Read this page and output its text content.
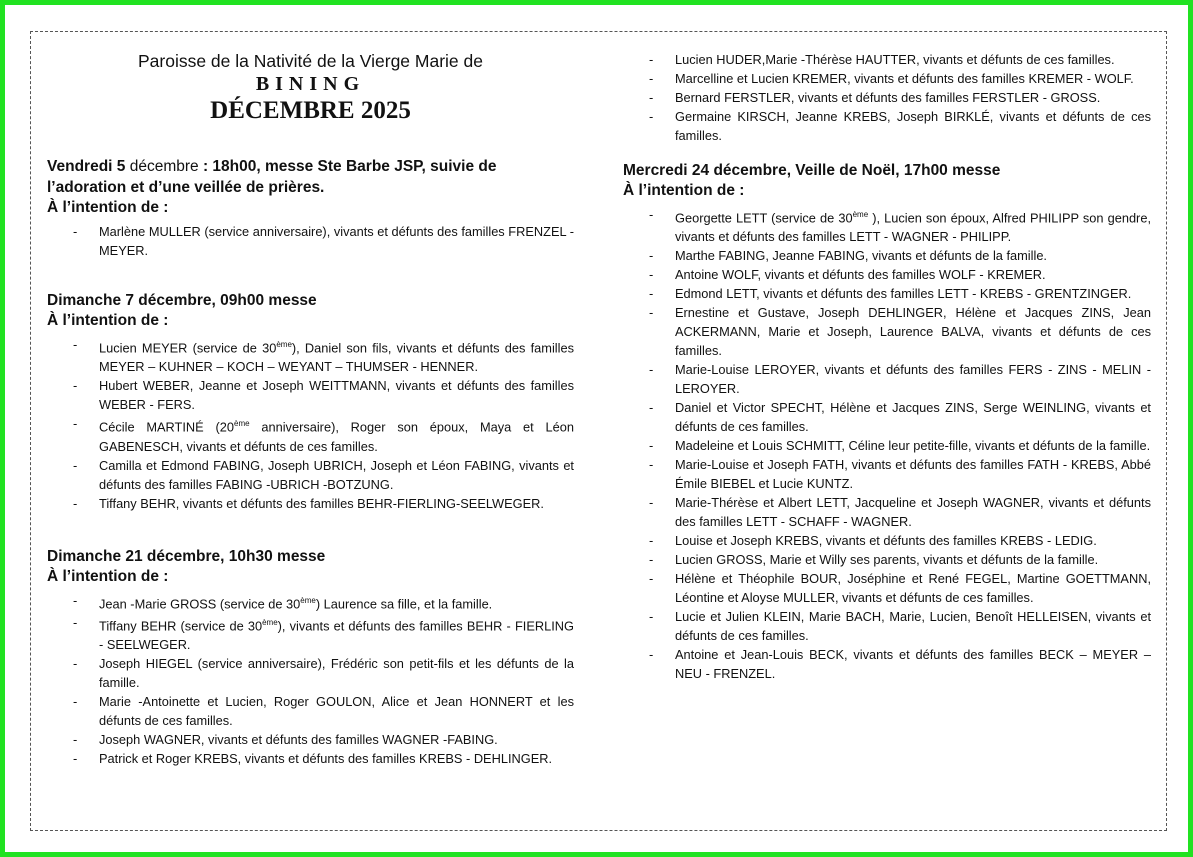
Paroisse de la Nativité de la Vierge Marie de
BINING
DÉCEMBRE 2025
Vendredi 5 décembre : 18h00, messe Ste Barbe JSP, suivie de l’adoration et d’une veillée de prières.
À l’intention de :
- Marlène MULLER (service anniversaire), vivants et défunts des familles FRENZEL - MEYER.
Dimanche 7 décembre, 09h00 messe
À l’intention de :
- Lucien MEYER (service de 30ème), Daniel son fils, vivants et défunts des familles MEYER – KUHNER – KOCH – WEYANT – THUMSER - HENNER.
- Hubert WEBER, Jeanne et Joseph WEITTMANN, vivants et défunts des familles WEBER - FERS.
- Cécile MARTINÉ (20ème anniversaire), Roger son époux, Maya et Léon GABENESCH, vivants et défunts de ces familles.
- Camilla et Edmond FABING, Joseph UBRICH, Joseph et Léon FABING, vivants et défunts des familles FABING -UBRICH -BOTZUNG.
- Tiffany BEHR, vivants et défunts des familles BEHR-FIERLING-SEELWEGER.
Dimanche 21 décembre, 10h30 messe
À l’intention de :
- Jean -Marie GROSS (service de 30ème) Laurence sa fille, et la famille.
- Tiffany BEHR (service de 30ème), vivants et défunts des familles BEHR - FIERLING - SEELWEGER.
- Joseph HIEGEL (service anniversaire), Frédéric son petit-fils et les défunts de la famille.
- Marie -Antoinette et Lucien, Roger GOULON, Alice et Jean HONNERT et les défunts de ces familles.
- Joseph WAGNER, vivants et défunts des familles WAGNER -FABING.
- Patrick et Roger KREBS, vivants et défunts des familles KREBS - DEHLINGER.
- Lucien HUDER,Marie -Thérèse HAUTTER, vivants et défunts de ces familles.
- Marcelline et Lucien KREMER, vivants et défunts des familles KREMER - WOLF.
- Bernard FERSTLER, vivants et défunts des familles FERSTLER - GROSS.
- Germaine KIRSCH, Jeanne KREBS, Joseph BIRKLÉ, vivants et défunts de ces familles.
Mercredi 24 décembre, Veille de Noël, 17h00 messe
À l’intention de :
- Georgette LETT (service de 30ème ), Lucien son époux, Alfred PHILIPP son gendre, vivants et défunts des familles LETT - WAGNER - PHILIPP.
- Marthe FABING, Jeanne FABING, vivants et défunts de la famille.
- Antoine WOLF, vivants et défunts des familles WOLF - KREMER.
- Edmond LETT, vivants et défunts des familles LETT - KREBS - GRENTZINGER.
- Ernestine et Gustave, Joseph DEHLINGER, Hélène et Jacques ZINS, Jean ACKERMANN, Marie et Joseph, Laurence BALVA, vivants et défunts de ces familles.
- Marie-Louise LEROYER, vivants et défunts des familles FERS - ZINS - MELIN - LEROYER.
- Daniel et Victor SPECHT, Hélène et Jacques ZINS, Serge WEINLING, vivants et défunts de ces familles.
- Madeleine et Louis SCHMITT, Céline leur petite-fille, vivants et défunts de la famille.
- Marie-Louise et Joseph FATH, vivants et défunts des familles FATH - KREBS, Abbé Émile BIEBEL et Lucie KUNTZ.
- Marie-Thérèse et Albert LETT, Jacqueline et Joseph WAGNER, vivants et défunts des familles LETT - SCHAFF - WAGNER.
- Louise et Joseph KREBS, vivants et défunts des familles KREBS - LEDIG.
- Lucien GROSS, Marie et Willy ses parents, vivants et défunts de la famille.
- Hélène et Théophile BOUR, Joséphine et René FEGEL, Martine GOETTMANN, Léontine et Aloyse MULLER, vivants et défunts de ces familles.
- Lucie et Julien KLEIN, Marie BACH, Marie, Lucien, Benoît HELLEISEN, vivants et défunts de ces familles.
- Antoine et Jean-Louis BECK, vivants et défunts des familles BECK – MEYER – NEU - FRENZEL.
